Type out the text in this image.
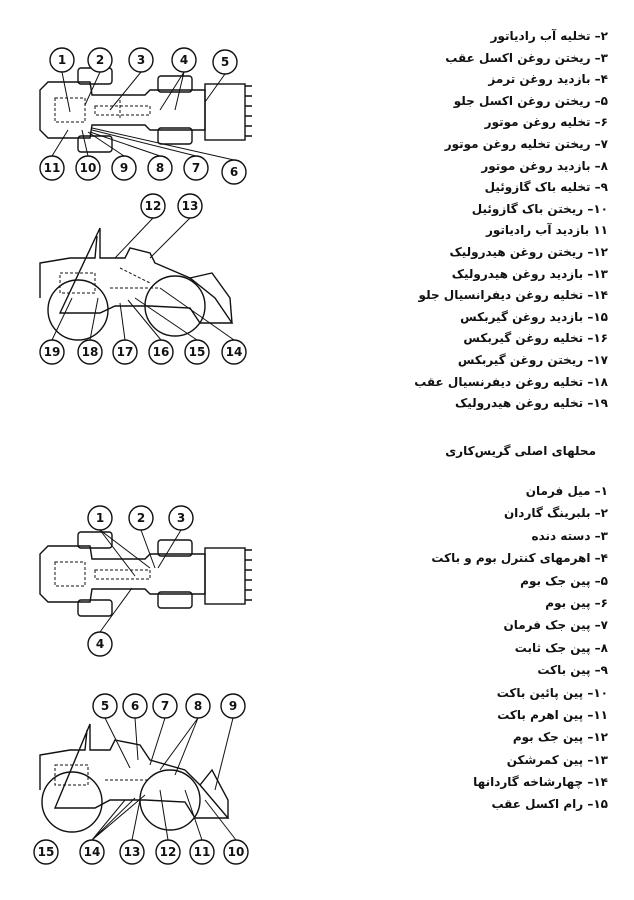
1 2	3	4	5
11 10 9 8 7 6
12 13
19 18 17 16 15 14
1	2	3
4
5 6 7 8 9
15 14 13 12 11 10
۲– تخلیه آب رادیاتور
۳– ریختن روغن اکسل عقب
۴– بازدید روغن ترمز
۵– ریختن روغن اکسل جلو
۶– تخلیه روغن موتور
۷– ریختن تخلیه روغن موتور
۸– بازدید روغن موتور
۹– تخلیه باک گازوئیل
۱۰– ریختن باک گازوئیل
۱۱ بازدید آب رادیاتور
۱۲– ریختن روغن هیدرولیک
۱۳– بازدید روغن هیدرولیک
۱۴– تخلیه روغن دیفرانسیال جلو
۱۵– بازدید روغن گیربکس
۱۶– تخلیه روغن گیربکس
۱۷– ریختن روغن گیربکس
۱۸– تخلیه روغن دیفرنسیال عقب
۱۹– تخلیه روغن هیدرولیک
محلهای اصلی گریس‌کاری
۱– میل فرمان
۲– بلبرینگ گاردان
۳– دسته دنده
۴– اهرمهای کنترل بوم و باکت
۵– پین جک بوم
۶– پین بوم
۷– پین جک فرمان
۸– پین جک ثابت
۹– پین باکت
۱۰– پین پائین باکت
۱۱– پین اهرم باکت
۱۲– پین جک بوم
۱۳– پین کمرشکن
۱۴– چهارشاخه گاردانها
۱۵– رام اکسل عقب
